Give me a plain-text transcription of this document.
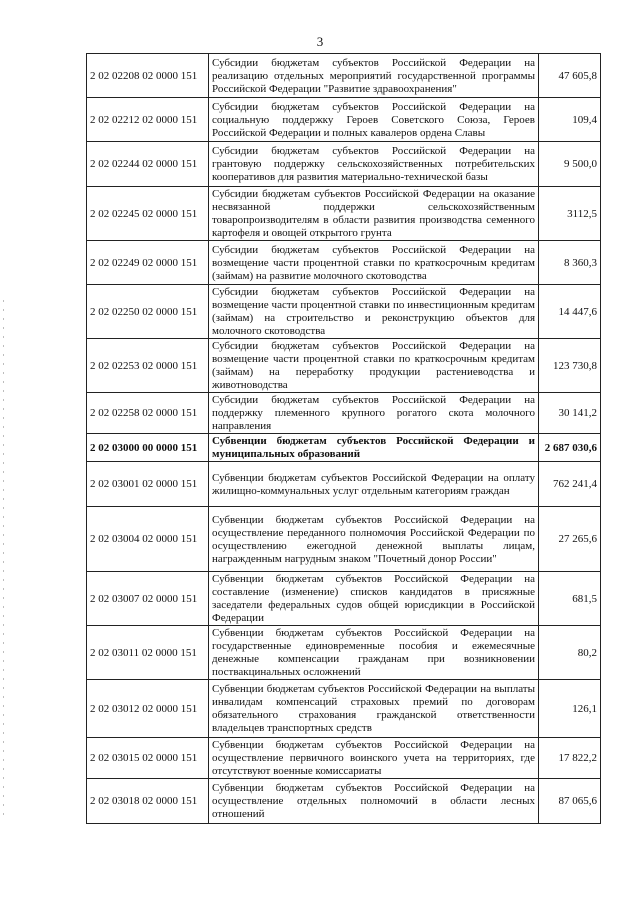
3
2 02 02208 02 0000 151	Субсидии бюджетам субъектов Российской Федерации на реализацию отдельных мероприятий государственной программы Российской Федерации "Развитие здравоохранения"	47 605,8
2 02 02212 02 0000 151	Субсидии бюджетам субъектов Российской Федерации на социальную поддержку Героев Советского Союза, Героев Российской Федерации и полных кавалеров ордена Славы	109,4
2 02 02244 02 0000 151	Субсидии бюджетам субъектов Российской Федерации на грантовую поддержку сельскохозяйственных потребительских кооперативов для развития материально-технической базы	9 500,0
2 02 02245 02 0000 151	Субсидии бюджетам субъектов Российской Федерации на оказание несвязанной поддержки сельскохозяйственным товаропроизводителям в области развития производства семенного картофеля и овощей открытого грунта	3112,5
2 02 02249 02 0000 151	Субсидии бюджетам субъектов Российской Федерации на возмещение части процентной ставки по краткосрочным кредитам (займам) на развитие молочного скотоводства	8 360,3
2 02 02250 02 0000 151	Субсидии бюджетам субъектов Российской Федерации на возмещение части процентной ставки по инвестиционным кредитам (займам) на строительство и реконструкцию объектов для молочного скотоводства	14 447,6
2 02 02253 02 0000 151	Субсидии бюджетам субъектов Российской Федерации на возмещение части процентной ставки по краткосрочным кредитам (займам) на переработку продукции растениеводства и животноводства	123 730,8
2 02 02258 02 0000 151	Субсидии бюджетам субъектов Российской Федерации на поддержку племенного крупного рогатого скота молочного направления	30 141,2
2 02 03000 00 0000 151	Субвенции бюджетам субъектов Российской Федерации и муниципальных образований	2 687 030,6
2 02 03001 02 0000 151	Субвенции бюджетам субъектов Российской Федерации на оплату жилищно-коммунальных услуг отдельным категориям граждан	762 241,4
2 02 03004 02 0000 151	Субвенции бюджетам субъектов Российской Федерации на осуществление переданного полномочия Российской Федерации по осуществлению ежегодной денежной выплаты лицам, награжденным нагрудным знаком "Почетный донор России"	27 265,6
2 02 03007 02 0000 151	Субвенции бюджетам субъектов Российской Федерации на составление (изменение) списков кандидатов в присяжные заседатели федеральных судов общей юрисдикции в Российской Федерации	681,5
2 02 03011 02 0000 151	Субвенции бюджетам субъектов Российской Федерации на государственные единовременные пособия и ежемесячные денежные компенсации гражданам при возникновении поствакцинальных осложнений	80,2
2 02 03012 02 0000 151	Субвенции бюджетам субъектов Российской Федерации на выплаты инвалидам компенсаций страховых премий по договорам обязательного страхования гражданской ответственности владельцев транспортных средств	126,1
2 02 03015 02 0000 151	Субвенции бюджетам субъектов Российской Федерации на осуществление первичного воинского учета на территориях, где отсутствуют военные комиссариаты	17 822,2
2 02 03018 02 0000 151	Субвенции бюджетам субъектов Российской Федерации на осуществление отдельных полномочий в области лесных отношений	87 065,6
